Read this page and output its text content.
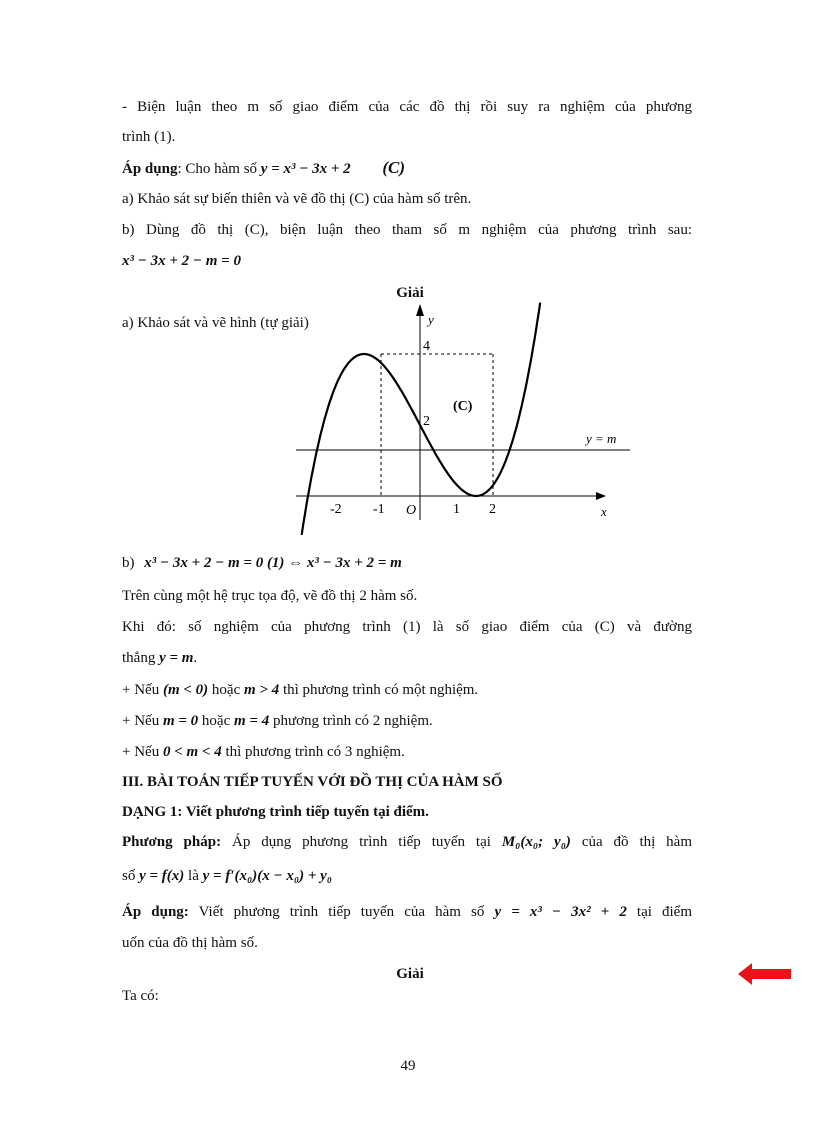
- Biện luận theo m số giao điểm của các đồ thị rồi suy ra nghiệm của phương
trình (1).
Áp dụng: Cho hàm số y = x³ − 3x + 2 (C)
a) Khảo sát sự biến thiên và vẽ đồ thị (C) của hàm số trên.
b) Dùng đồ thị (C), biện luận theo tham số m nghiệm của phương trình sau:
x³ − 3x + 2 − m = 0
Giải
a) Khảo sát và vẽ hình (tự giải)	y
x
O
(C)
y = m
-2 -1	1 2
4
2
b) x³ − 3x + 2 − m = 0 (1) ⇔ x³ − 3x + 2 = m
Trên cùng một hệ trục tọa độ, vẽ đồ thị 2 hàm số.
Khi đó: số nghiệm của phương trình (1) là số giao điểm của (C) và đường
thẳng y = m.
+ Nếu (m < 0) hoặc m > 4 thì phương trình có một nghiệm.
+ Nếu m = 0 hoặc m = 4 phương trình có 2 nghiệm.
+ Nếu 0 < m < 4 thì phương trình có 3 nghiệm.
III. BÀI TOÁN TIẾP TUYẾN VỚI ĐỒ THỊ CỦA HÀM SỐ
DẠNG 1: Viết phương trình tiếp tuyến tại điểm.
Phương pháp: Áp dụng phương trình tiếp tuyến tại M₀(x₀; y₀) của đồ thị hàm
số y = f(x) là y = f′(x₀)(x − x₀) + y₀
Áp dụng: Viết phương trình tiếp tuyến của hàm số y = x³ − 3x² + 2 tại điểm
uốn của đồ thị hàm số.
Giải
Ta có:
49
